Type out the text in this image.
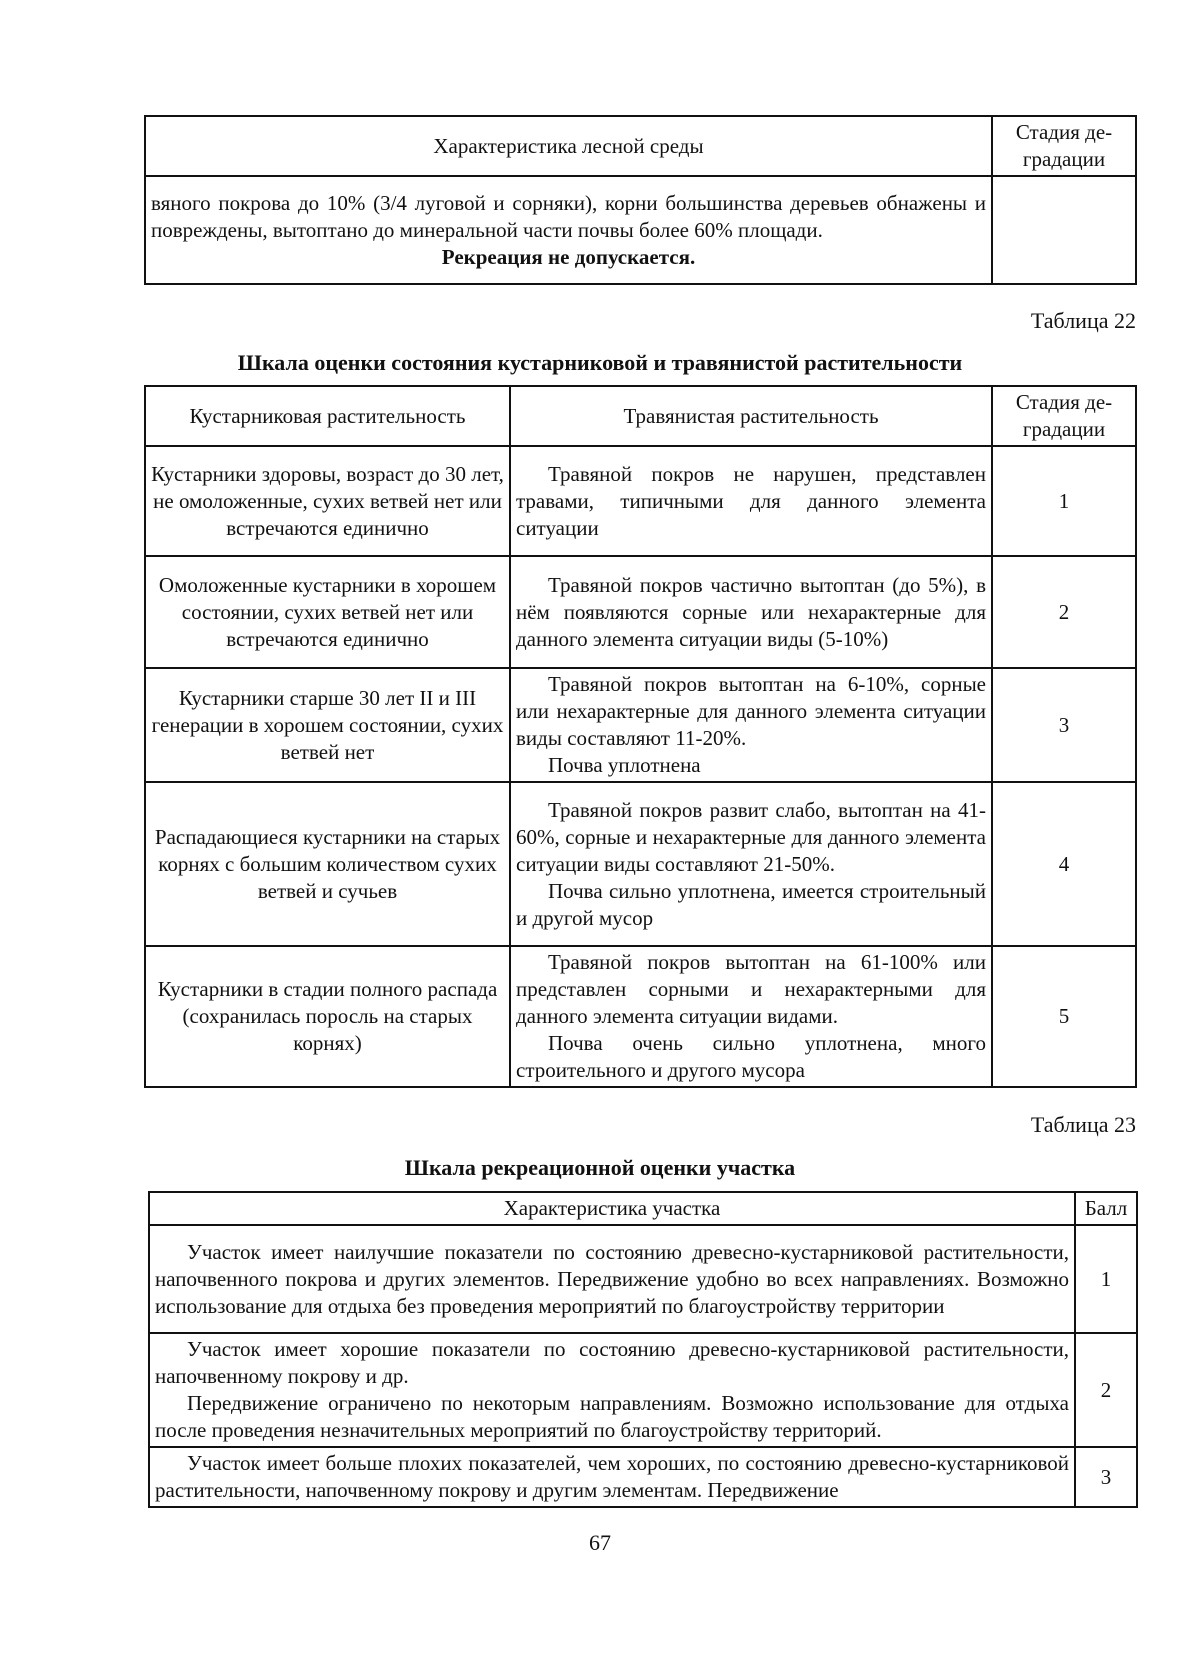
Характеристика лесной среды	Стадия де-градации

вяного покрова до 10% (3/4 луговой и сорняки), корни большинства деревьев обнажены и повреждены, вытоптано до минеральной части почвы более 60% площади.

Рекреация не допускается.	

Таблица 22
Шкала оценки состояния кустарниковой и травянистой растительности
Кустарниковая растительность	Травянистая растительность	Стадия де-градации
Кустарники здоровы, возраст до 30 лет, не омоложенные, сухих ветвей нет или встречаются единично	Травяной покров не нарушен, представлен травами, типичными для данного элемента ситуации	1
Омоложенные кустарники в хорошем состоянии, сухих ветвей нет или встречаются единично	Травяной покров частично вытоптан (до 5%), в нём появляются сорные или нехарактерные для данного элемента ситуации виды (5-10%)	2
Кустарники старше 30 лет II и III генерации в хорошем состоянии, сухих ветвей нет	Травяной покров вытоптан на 6-10%, сорные или нехарактерные для данного элемента ситуации виды составляют 11-20%.

Почва уплотнена	3
Распадающиеся кустарники на старых корнях с большим количеством сухих ветвей и сучьев	Травяной покров развит слабо, вытоптан на 41-60%, сорные и нехарактерные для данного элемента ситуации виды составляют 21-50%.

Почва сильно уплотнена, имеется строительный и другой мусор	4
Кустарники в стадии полного распада (сохранилась поросль на старых корнях)	Травяной покров вытоптан на 61-100% или представлен сорными и нехарактерными для данного элемента ситуации видами.

Почва очень сильно уплотнена, много строительного и другого мусора	5
Таблица 23
Шкала рекреационной оценки участка
Характеристика участка	Балл

Участок имеет наилучшие показатели по состоянию древесно-кустарниковой растительности, напочвенного покрова и других элементов. Передвижение удобно во всех направлениях. Возможно использование для отдыха без проведения мероприятий по благоустройству территории	1

Участок имеет хорошие показатели по состоянию древесно-кустарниковой растительности, напочвенному покрову и др.

Передвижение ограничено по некоторым направлениям. Возможно использование для отдыха после проведения незначительных мероприятий по благоустройству территорий.	2

Участок имеет больше плохих показателей, чем хороших, по состоянию древесно-кустарниковой растительности, напочвенному покрову и другим элементам. Передвижение	3
67
